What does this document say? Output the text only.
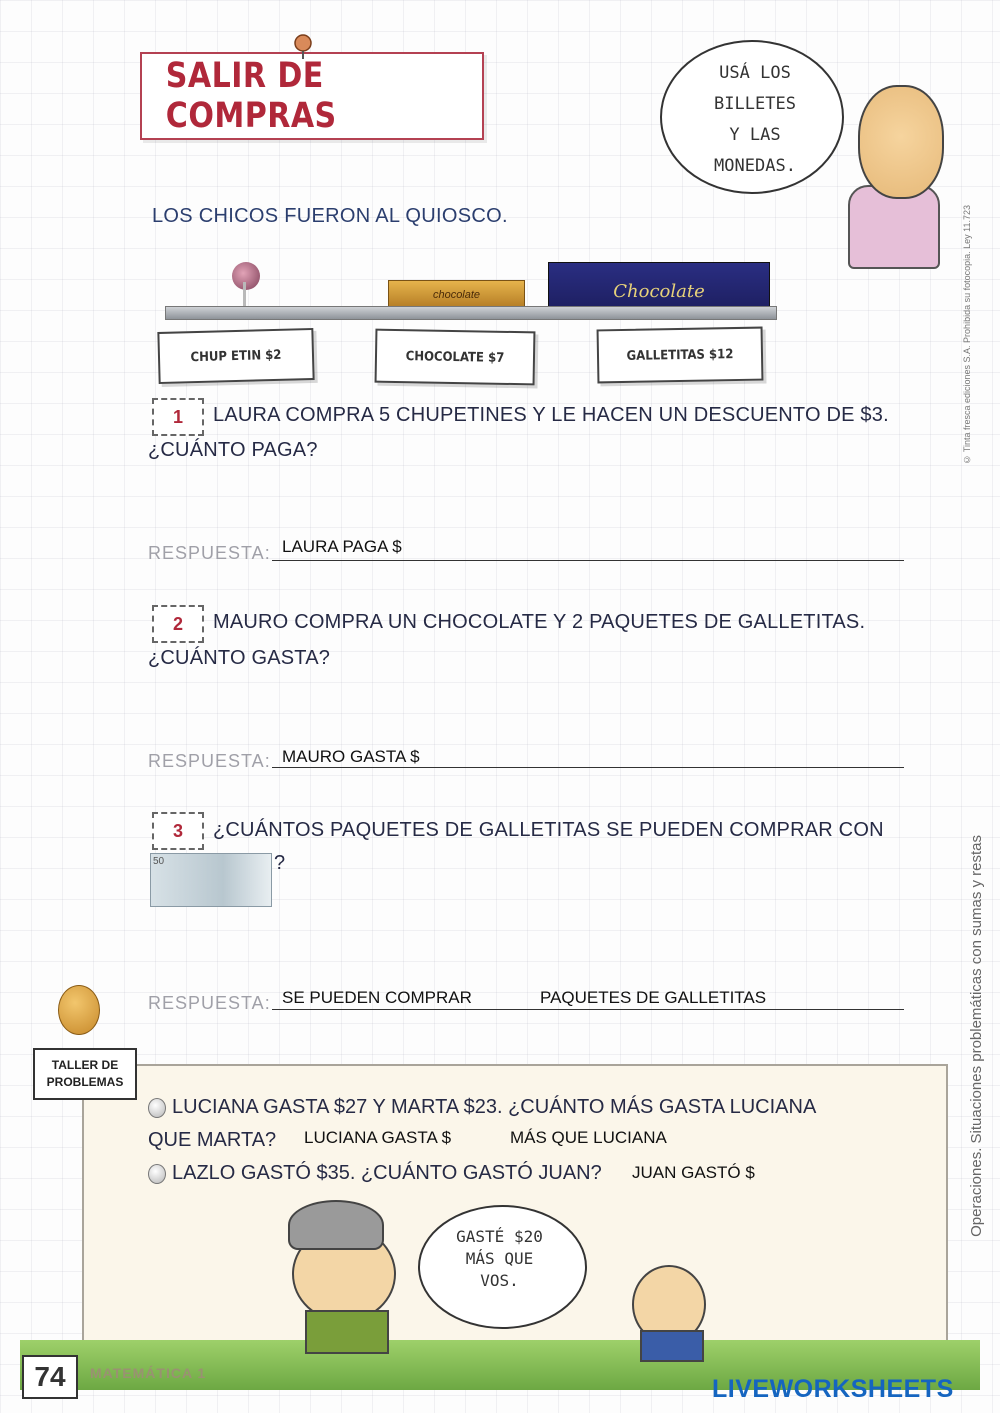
SALIR DE COMPRAS
LOS CHICOS FUERON AL QUIOSCO.
USÁ LOS
BILLETES
Y LAS
MONEDAS.
chocolate	Chocolate
CHUP ETIN $2	CHOCOLATE $7	GALLETITAS $12
1	LAURA COMPRA 5 CHUPETINES Y LE HACEN UN DESCUENTO DE $3.
¿CUÁNTO PAGA?
RESPUESTA: LAURA PAGA $
2	MAURO COMPRA UN CHOCOLATE Y 2 PAQUETES DE GALLETITAS.
¿CUÁNTO GASTA?
RESPUESTA: MAURO GASTA $
3	¿CUÁNTOS PAQUETES DE GALLETITAS SE PUEDEN COMPRAR CON
50	?
RESPUESTA: SE PUEDEN COMPRAR	PAQUETES DE GALLETITAS
TALLER DE PROBLEMAS
LUCIANA GASTA $27 Y MARTA $23. ¿CUÁNTO MÁS GASTA LUCIANA
QUE MARTA? LUCIANA GASTA $	MÁS QUE LUCIANA
LAZLO GASTÓ $35. ¿CUÁNTO GASTÓ JUAN? JUAN GASTÓ $
GASTÉ $20
MÁS QUE
VOS.
74	MATEMÁTICA 1
LIVEWORKSHEETS
© Tinta fresca ediciones S.A. Prohibida su fotocopia. Ley 11.723
Operaciones. Situaciones problemáticas con sumas y restas
